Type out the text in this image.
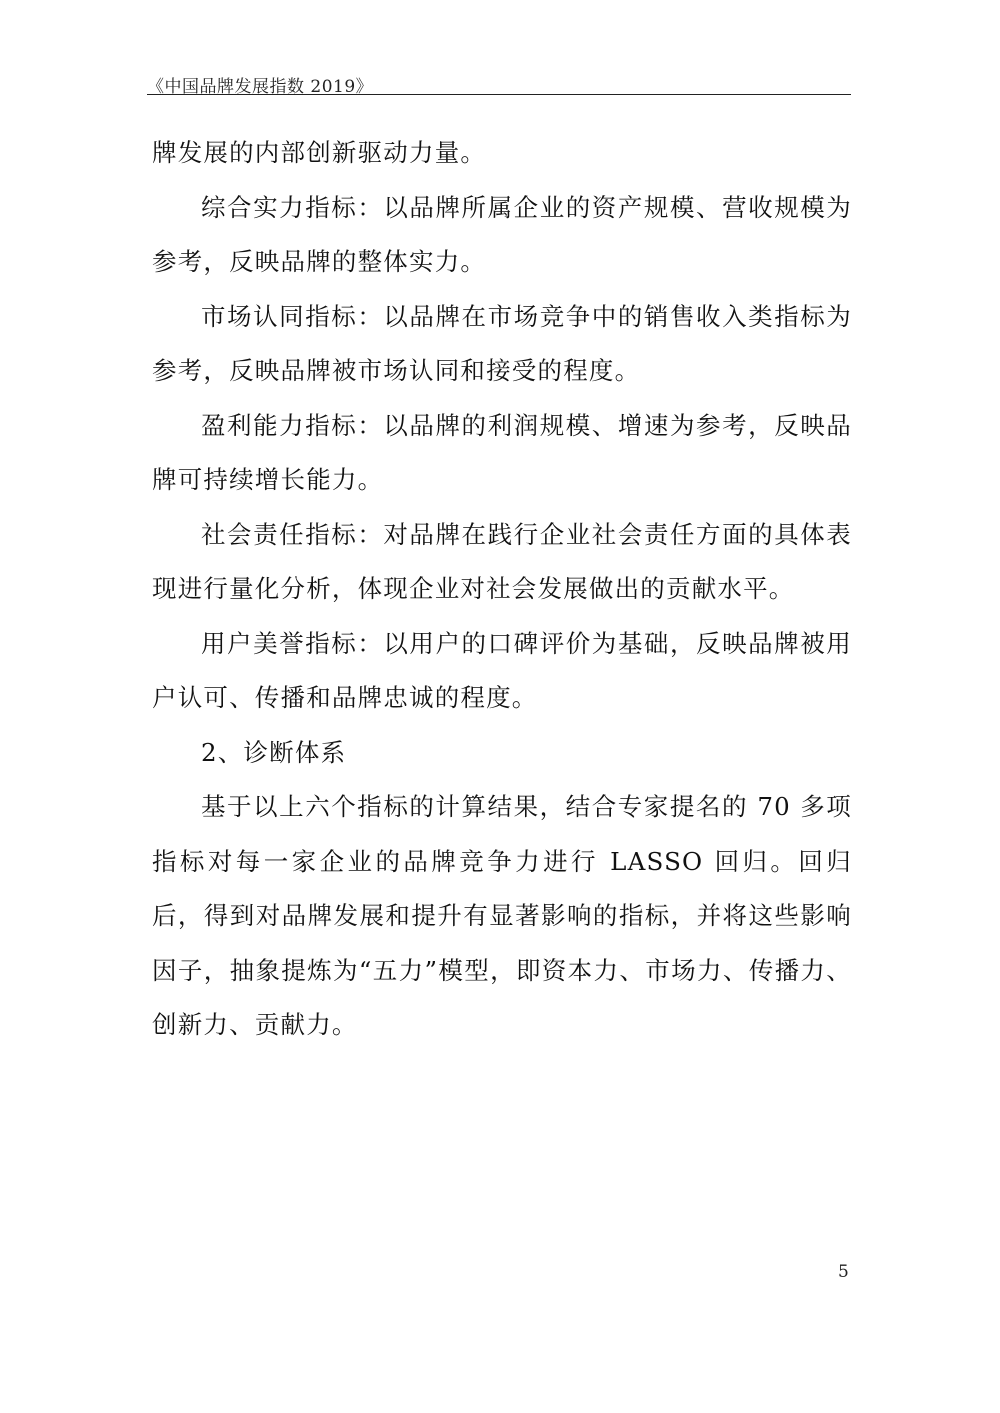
《中国品牌发展指数 2019》

牌发展的内部创新驱动力量。

综合实力指标：以品牌所属企业的资产规模、营收规模为参考，反映品牌的整体实力。

市场认同指标：以品牌在市场竞争中的销售收入类指标为参考，反映品牌被市场认同和接受的程度。

盈利能力指标：以品牌的利润规模、增速为参考，反映品牌可持续增长能力。

社会责任指标：对品牌在践行企业社会责任方面的具体表现进行量化分析，体现企业对社会发展做出的贡献水平。

用户美誉指标：以用户的口碑评价为基础，反映品牌被用户认可、传播和品牌忠诚的程度。

2、诊断体系

基于以上六个指标的计算结果，结合专家提名的 70 多项指标对每一家企业的品牌竞争力进行 LASSO 回归。回归后，得到对品牌发展和提升有显著影响的指标，并将这些影响因子，抽象提炼为“五力”模型，即资本力、市场力、传播力、创新力、贡献力。

5
